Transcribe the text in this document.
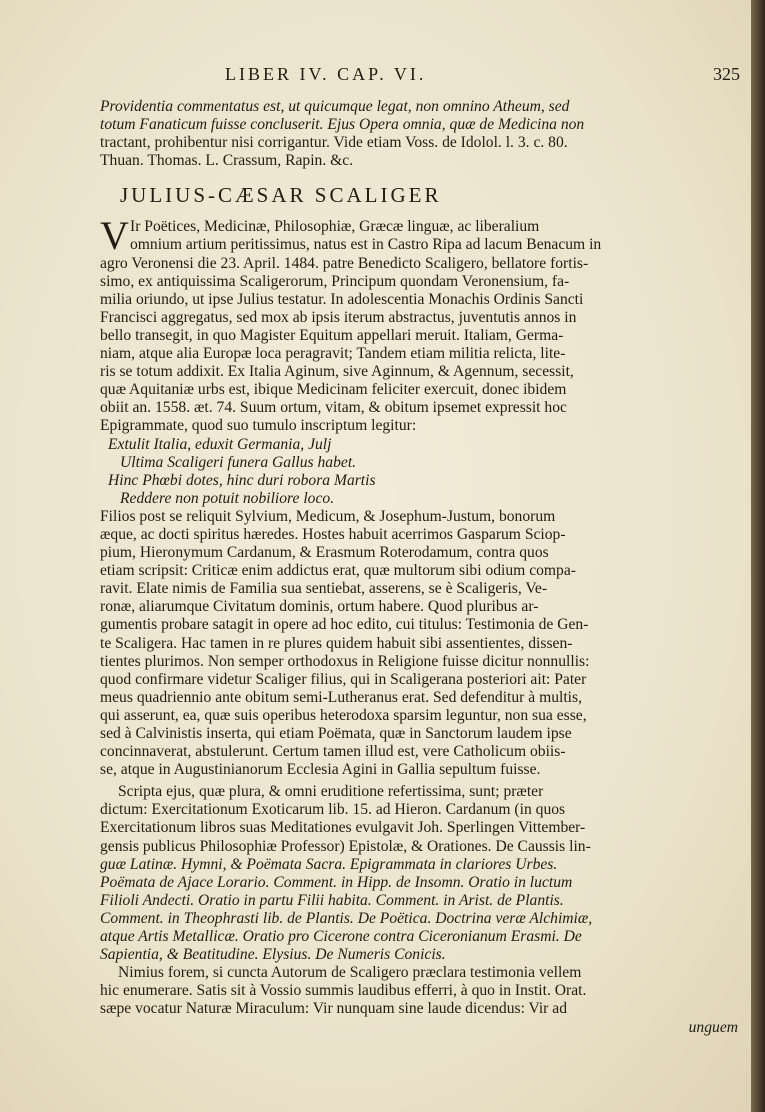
LIBER IV. CAP. VI.	325
Providentia commentatus est, ut quicumque legat, non omnino Atheum, sed
totum Fanaticum fuisse concluserit. Ejus Opera omnia, quæ de Medicina non
tractant, prohibentur nisi corrigantur. Vide etiam Voss. de Idolol. l. 3. c. 80.
Thuan. Thomas. L. Crassum, Rapin. &c.
JULIUS-CÆSAR SCALIGER
V Ir Poëtices, Medicinæ, Philosophiæ, Græcæ linguæ, ac liberalium
omnium artium peritissimus, natus est in Castro Ripa ad lacum Benacum in
agro Veronensi die 23. April. 1484. patre Benedicto Scaligero, bellatore fortis-
simo, ex antiquissima Scaligerorum, Principum quondam Veronensium, fa-
milia oriundo, ut ipse Julius testatur. In adolescentia Monachis Ordinis Sancti
Francisci aggregatus, sed mox ab ipsis iterum abstractus, juventutis annos in
bello transegit, in quo Magister Equitum appellari meruit. Italiam, Germa-
niam, atque alia Europæ loca peragravit; Tandem etiam militia relicta, lite-
ris se totum addixit. Ex Italia Aginum, sive Aginnum, & Agennum, secessit,
quæ Aquitaniæ urbs est, ibique Medicinam feliciter exercuit, donec ibidem
obiit an. 1558. æt. 74. Suum ortum, vitam, & obitum ipsemet expressit hoc
Epigrammate, quod suo tumulo inscriptum legitur:
Extulit Italia, eduxit Germania, Julj
Ultima Scaligeri funera Gallus habet.
Hinc Phœbi dotes, hinc duri robora Martis
Reddere non potuit nobiliore loco.
Filios post se reliquit Sylvium, Medicum, & Josephum-Justum, bonorum
æque, ac docti spiritus hæredes. Hostes habuit acerrimos Gasparum Sciop-
pium, Hieronymum Cardanum, & Erasmum Roterodamum, contra quos
etiam scripsit: Criticæ enim addictus erat, quæ multorum sibi odium compa-
ravit. Elate nimis de Familia sua sentiebat, asserens, se è Scaligeris, Ve-
ronæ, aliarumque Civitatum dominis, ortum habere. Quod pluribus ar-
gumentis probare satagit in opere ad hoc edito, cui titulus: Testimonia de Gen-
te Scaligera. Hac tamen in re plures quidem habuit sibi assentientes, dissen-
tientes plurimos. Non semper orthodoxus in Religione fuisse dicitur nonnullis:
quod confirmare videtur Scaliger filius, qui in Scaligerana posteriori ait: Pater
meus quadriennio ante obitum semi-Lutheranus erat. Sed defenditur à multis,
qui asserunt, ea, quæ suis operibus heterodoxa sparsim leguntur, non sua esse,
sed à Calvinistis inserta, qui etiam Poëmata, quæ in Sanctorum laudem ipse
concinnaverat, abstulerunt. Certum tamen illud est, vere Catholicum obiis-
se, atque in Augustinianorum Ecclesia Agini in Gallia sepultum fuisse.
Scripta ejus, quæ plura, & omni eruditione refertissima, sunt; præter
dictum: Exercitationum Exoticarum lib. 15. ad Hieron. Cardanum (in quos
Exercitationum libros suas Meditationes evulgavit Joh. Sperlingen Vittember-
gensis publicus Philosophiæ Professor) Epistolæ, & Orationes. De Caussis lin-
guæ Latinæ. Hymni, & Poëmata Sacra. Epigrammata in clariores Urbes.
Poëmata de Ajace Lorario. Comment. in Hipp. de Insomn. Oratio in luctum
Filioli Andecti. Oratio in partu Filii habita. Comment. in Arist. de Plantis.
Comment. in Theophrasti lib. de Plantis. De Poëtica. Doctrina veræ Alchimiæ,
atque Artis Metallicæ. Oratio pro Cicerone contra Ciceronianum Erasmi. De
Sapientia, & Beatitudine. Elysius. De Numeris Conicis.
Nimius forem, si cuncta Autorum de Scaligero præclara testimonia vellem
hic enumerare. Satis sit à Vossio summis laudibus efferri, à quo in Instit. Orat.
sæpe vocatur Naturæ Miraculum: Vir nunquam sine laude dicendus: Vir ad
unguem
